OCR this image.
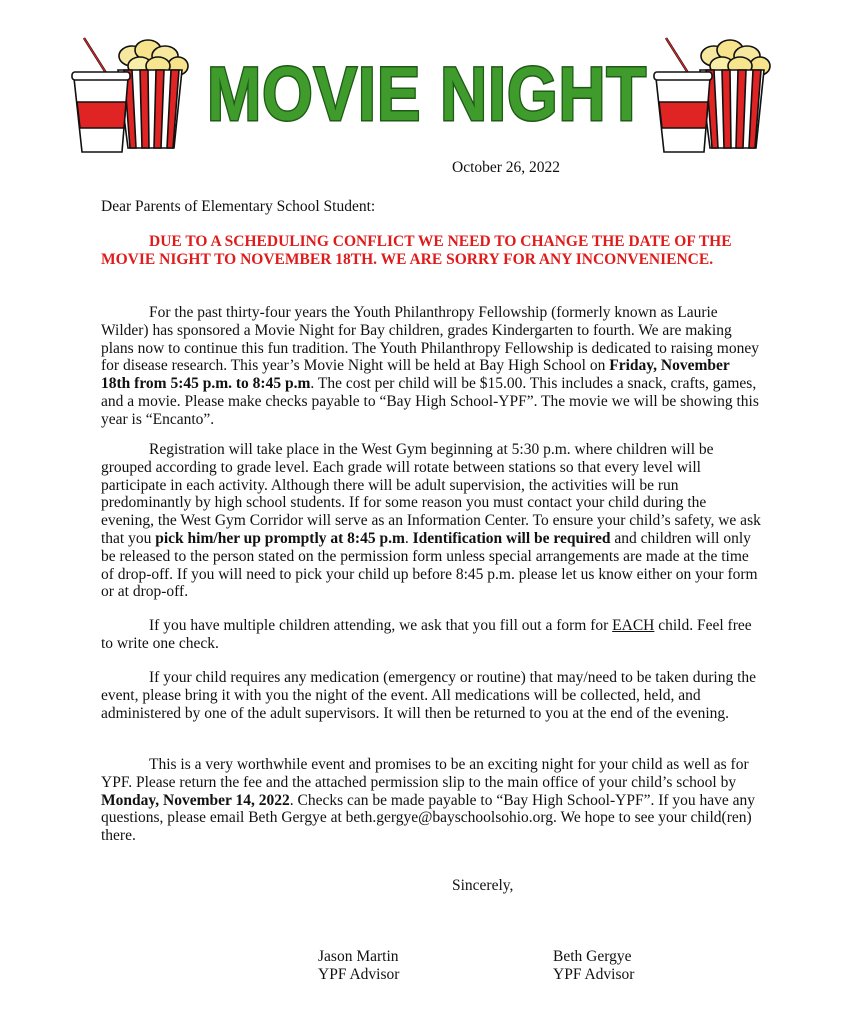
MOVIE NIGHT
October 26, 2022
Dear Parents of Elementary School Student:
DUE TO A SCHEDULING CONFLICT WE NEED TO CHANGE THE DATE OF THE MOVIE NIGHT TO NOVEMBER 18TH. WE ARE SORRY FOR ANY INCONVENIENCE.
For the past thirty-four years the Youth Philanthropy Fellowship (formerly known as Laurie Wilder) has sponsored a Movie Night for Bay children, grades Kindergarten to fourth. We are making plans now to continue this fun tradition. The Youth Philanthropy Fellowship is dedicated to raising money for disease research. This year’s Movie Night will be held at Bay High School on Friday, November 18th from 5:45 p.m. to 8:45 p.m. The cost per child will be $15.00. This includes a snack, crafts, games, and a movie. Please make checks payable to “Bay High School-YPF”. The movie we will be showing this year is “Encanto”.
Registration will take place in the West Gym beginning at 5:30 p.m. where children will be grouped according to grade level. Each grade will rotate between stations so that every level will participate in each activity. Although there will be adult supervision, the activities will be run predominantly by high school students. If for some reason you must contact your child during the evening, the West Gym Corridor will serve as an Information Center. To ensure your child’s safety, we ask that you pick him/her up promptly at 8:45 p.m. Identification will be required and children will only be released to the person stated on the permission form unless special arrangements are made at the time of drop-off. If you will need to pick your child up before 8:45 p.m. please let us know either on your form or at drop-off.
If you have multiple children attending, we ask that you fill out a form for EACH child. Feel free to write one check.
If your child requires any medication (emergency or routine) that may/need to be taken during the event, please bring it with you the night of the event. All medications will be collected, held, and administered by one of the adult supervisors. It will then be returned to you at the end of the evening.
This is a very worthwhile event and promises to be an exciting night for your child as well as for YPF. Please return the fee and the attached permission slip to the main office of your child’s school by Monday, November 14, 2022. Checks can be made payable to “Bay High School-YPF”. If you have any questions, please email Beth Gergye at beth.gergye@bayschoolsohio.org. We hope to see your child(ren) there.
Sincerely,
Jason Martin
YPF Advisor
Beth Gergye
YPF Advisor
